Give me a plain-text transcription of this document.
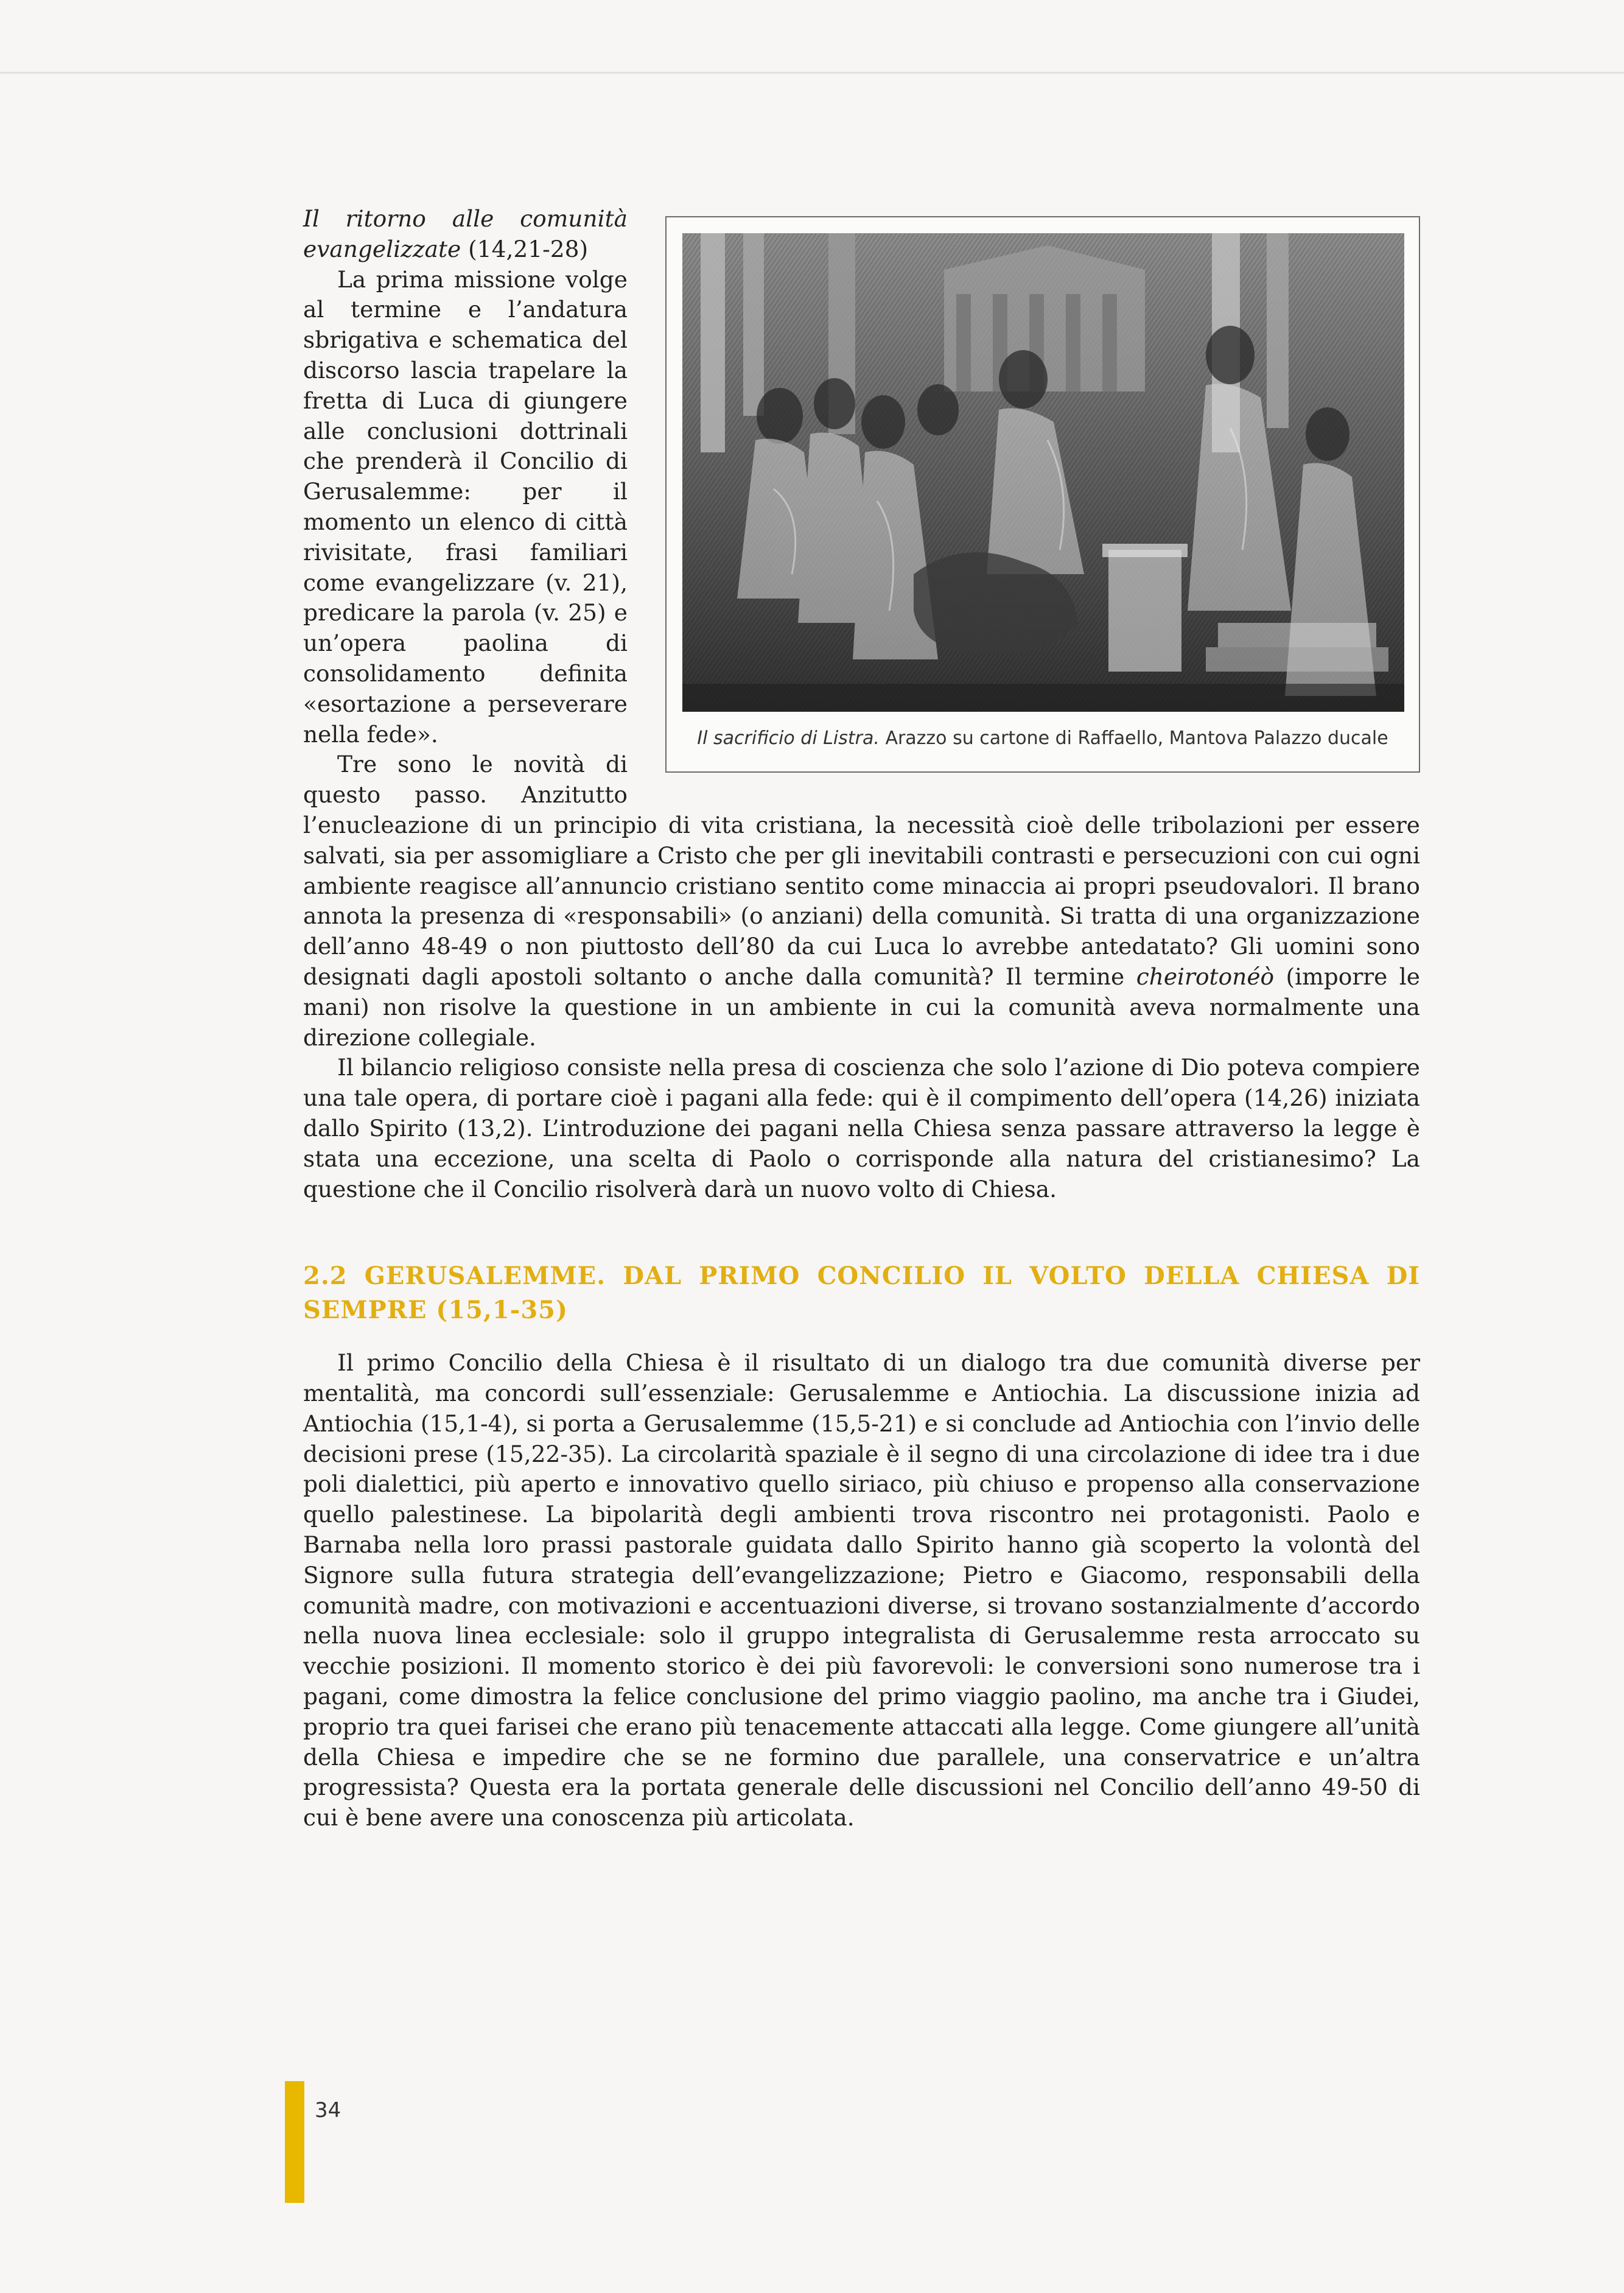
Il sacrificio di Listra. Arazzo su cartone di Raffaello, Mantova Palazzo ducale

Il ritorno alle comunità evangelizzate (14,21-28)

La prima missione volge al termine e l’andatura sbrigativa e schematica del discorso lascia trapelare la fretta di Luca di giungere alle conclusioni dottrinali che prenderà il Concilio di Gerusalemme: per il momento un elenco di città rivisitate, frasi familiari come evangelizzare (v. 21), predicare la parola (v. 25) e un’opera paolina di consolidamento definita «esortazione a perseverare nella fede».

Tre sono le novità di questo passo. Anzitutto l’enucleazione di un principio di vita cristiana, la necessità cioè delle tribolazioni per essere salvati, sia per assomigliare a Cristo che per gli inevitabili contrasti e persecuzioni con cui ogni ambiente reagisce all’annuncio cristiano sentito come minaccia ai propri pseudovalori. Il brano annota la presenza di «responsabili» (o anziani) della comunità. Si tratta di una organizzazione dell’anno 48-49 o non piuttosto dell’80 da cui Luca lo avrebbe antedatato? Gli uomini sono designati dagli apostoli soltanto o anche dalla comunità? Il termine cheirotonéò (imporre le mani) non risolve la questione in un ambiente in cui la comunità aveva normalmente una direzione collegiale.

Il bilancio religioso consiste nella presa di coscienza che solo l’azione di Dio poteva compiere una tale opera, di portare cioè i pagani alla fede: qui è il compimento dell’opera (14,26) iniziata dallo Spirito (13,2). L’introduzione dei pagani nella Chiesa senza passare attraverso la legge è stata una eccezione, una scelta di Paolo o corrisponde alla natura del cristianesimo? La questione che il Concilio risolverà darà un nuovo volto di Chiesa.

2.2 GERUSALEMME. DAL PRIMO CONCILIO IL VOLTO DELLA CHIESA DI SEMPRE (15,1-35)

Il primo Concilio della Chiesa è il risultato di un dialogo tra due comunità diverse per mentalità, ma concordi sull’essenziale: Gerusalemme e Antiochia. La discussione inizia ad Antiochia (15,1-4), si porta a Gerusalemme (15,5-21) e si conclude ad Antiochia con l’invio delle decisioni prese (15,22-35). La circolarità spaziale è il segno di una circolazione di idee tra i due poli dialettici, più aperto e innovativo quello siriaco, più chiuso e propenso alla conservazione quello palestinese. La bipolarità degli ambienti trova riscontro nei protagonisti. Paolo e Barnaba nella loro prassi pastorale guidata dallo Spirito hanno già scoperto la volontà del Signore sulla futura strategia dell’evangelizzazione; Pietro e Giacomo, responsabili della comunità madre, con motivazioni e accentuazioni diverse, si trovano sostanzialmente d’accordo nella nuova linea ecclesiale: solo il gruppo integralista di Gerusalemme resta arroccato su vecchie posizioni. Il momento storico è dei più favorevoli: le conversioni sono numerose tra i pagani, come dimostra la felice conclusione del primo viaggio paolino, ma anche tra i Giudei, proprio tra quei farisei che erano più tenacemente attaccati alla legge. Come giungere all’unità della Chiesa e impedire che se ne formino due parallele, una conservatrice e un’altra progressista? Questa era la portata generale delle discussioni nel Concilio dell’anno 49-50 di cui è bene avere una conoscenza più articolata.

34
